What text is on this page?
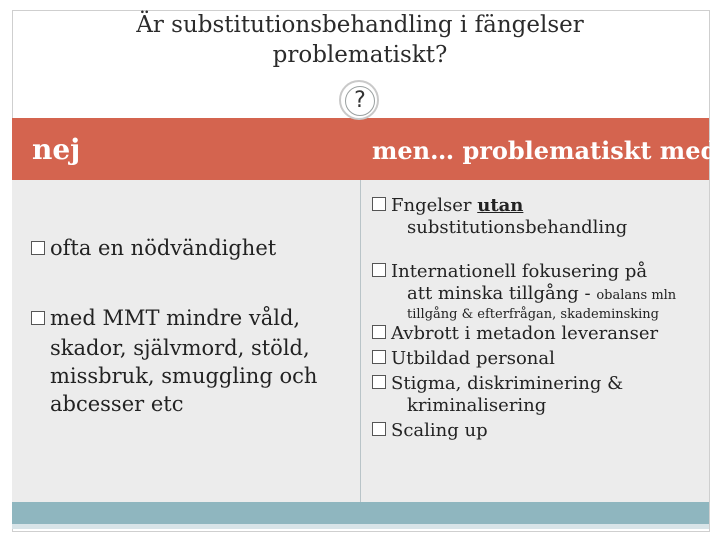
Är substitutionsbehandling i fängelser
problematiskt?
nej	men… problematiskt med
?
ofta en nödvändighet
med MMT mindre våld,
skador, självmord, stöld,
missbruk, smuggling och
abcesser etc
Fngelser utan
substitutionsbehandling
Internationell fokusering på
att minska tillgång - obalans mln
tillgång & efterfrågan, skademinsking
Avbrott i metadon leveranser
Utbildad personal
Stigma, diskriminering &
kriminalisering
Scaling up
